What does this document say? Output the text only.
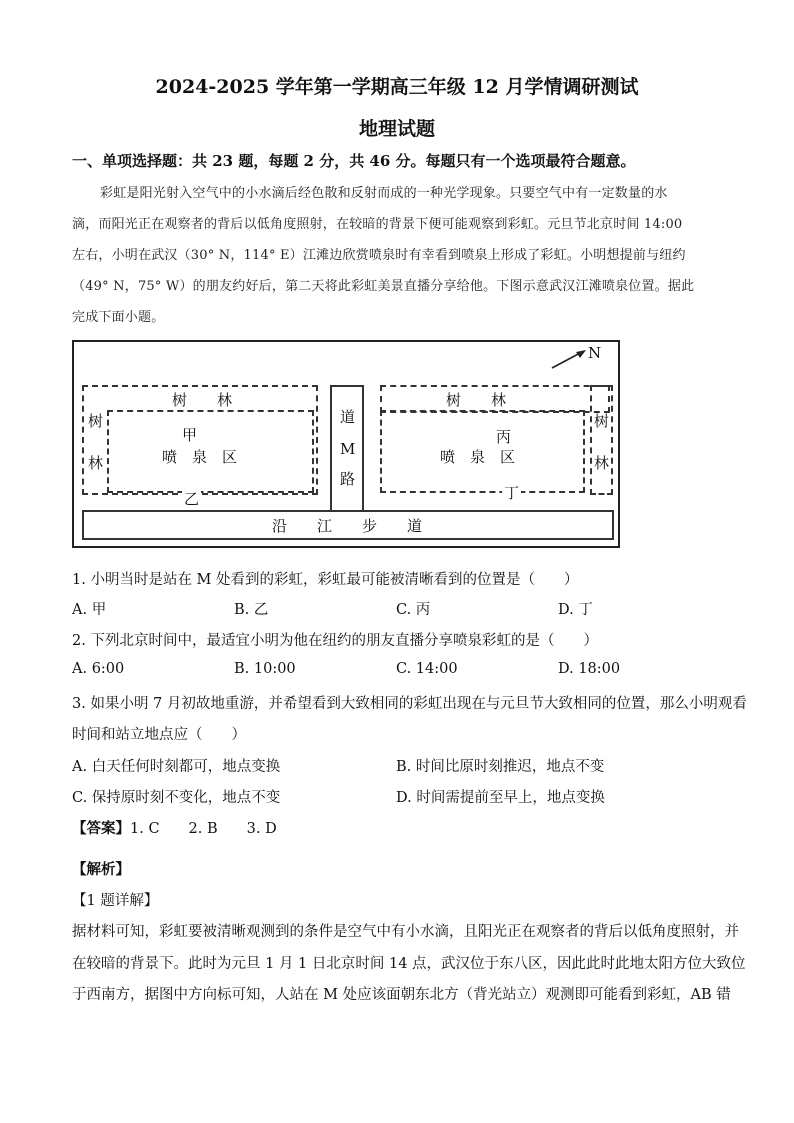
2024-2025 学年第一学期高三年级 12 月学情调研测试
地理试题
一、单项选择题：共 23 题，每题 2 分，共 46 分。每题只有一个选项最符合题意。
彩虹是阳光射入空气中的小水滴后经色散和反射而成的一种光学现象。只要空气中有一定数量的水
滴，而阳光正在观察者的背后以低角度照射，在较暗的背景下便可能观察到彩虹。元旦节北京时间 14:00
左右，小明在武汉（30° N，114° E）江滩边欣赏喷泉时有幸看到喷泉上形成了彩虹。小明想提前与纽约
（49° N，75° W）的朋友约好后，第二天将此彩虹美景直播分享给他。下图示意武汉江滩喷泉位置。据此
完成下面小题。
N
树　　林
树
林
甲
喷　泉　区
乙
道
M
路
树　　林
树
林
丙
喷　泉　区
丁
沿　　江　　步　　道
1. 小明当时是站在 M 处看到的彩虹，彩虹最可能被清晰看到的位置是（　　）
A. 甲	B. 乙	C. 丙	D. 丁
2. 下列北京时间中，最适宜小明为他在纽约的朋友直播分享喷泉彩虹的是（　　）
A. 6:00	B. 10:00	C. 14:00	D. 18:00
3. 如果小明 7 月初故地重游，并希望看到大致相同的彩虹出现在与元旦节大致相同的位置，那么小明观看
时间和站立地点应（　　）
A. 白天任何时刻都可，地点变换	B. 时间比原时刻推迟，地点不变
C. 保持原时刻不变化，地点不变	D. 时间需提前至早上，地点变换
【答案】1. C　　2. B　　3. D
【解析】
【1 题详解】
据材料可知，彩虹要被清晰观测到的条件是空气中有小水滴，且阳光正在观察者的背后以低角度照射，并
在较暗的背景下。此时为元旦 1 月 1 日北京时间 14 点，武汉位于东八区，因此此时此地太阳方位大致位
于西南方，据图中方向标可知，人站在 M 处应该面朝东北方（背光站立）观测即可能看到彩虹，AB 错
